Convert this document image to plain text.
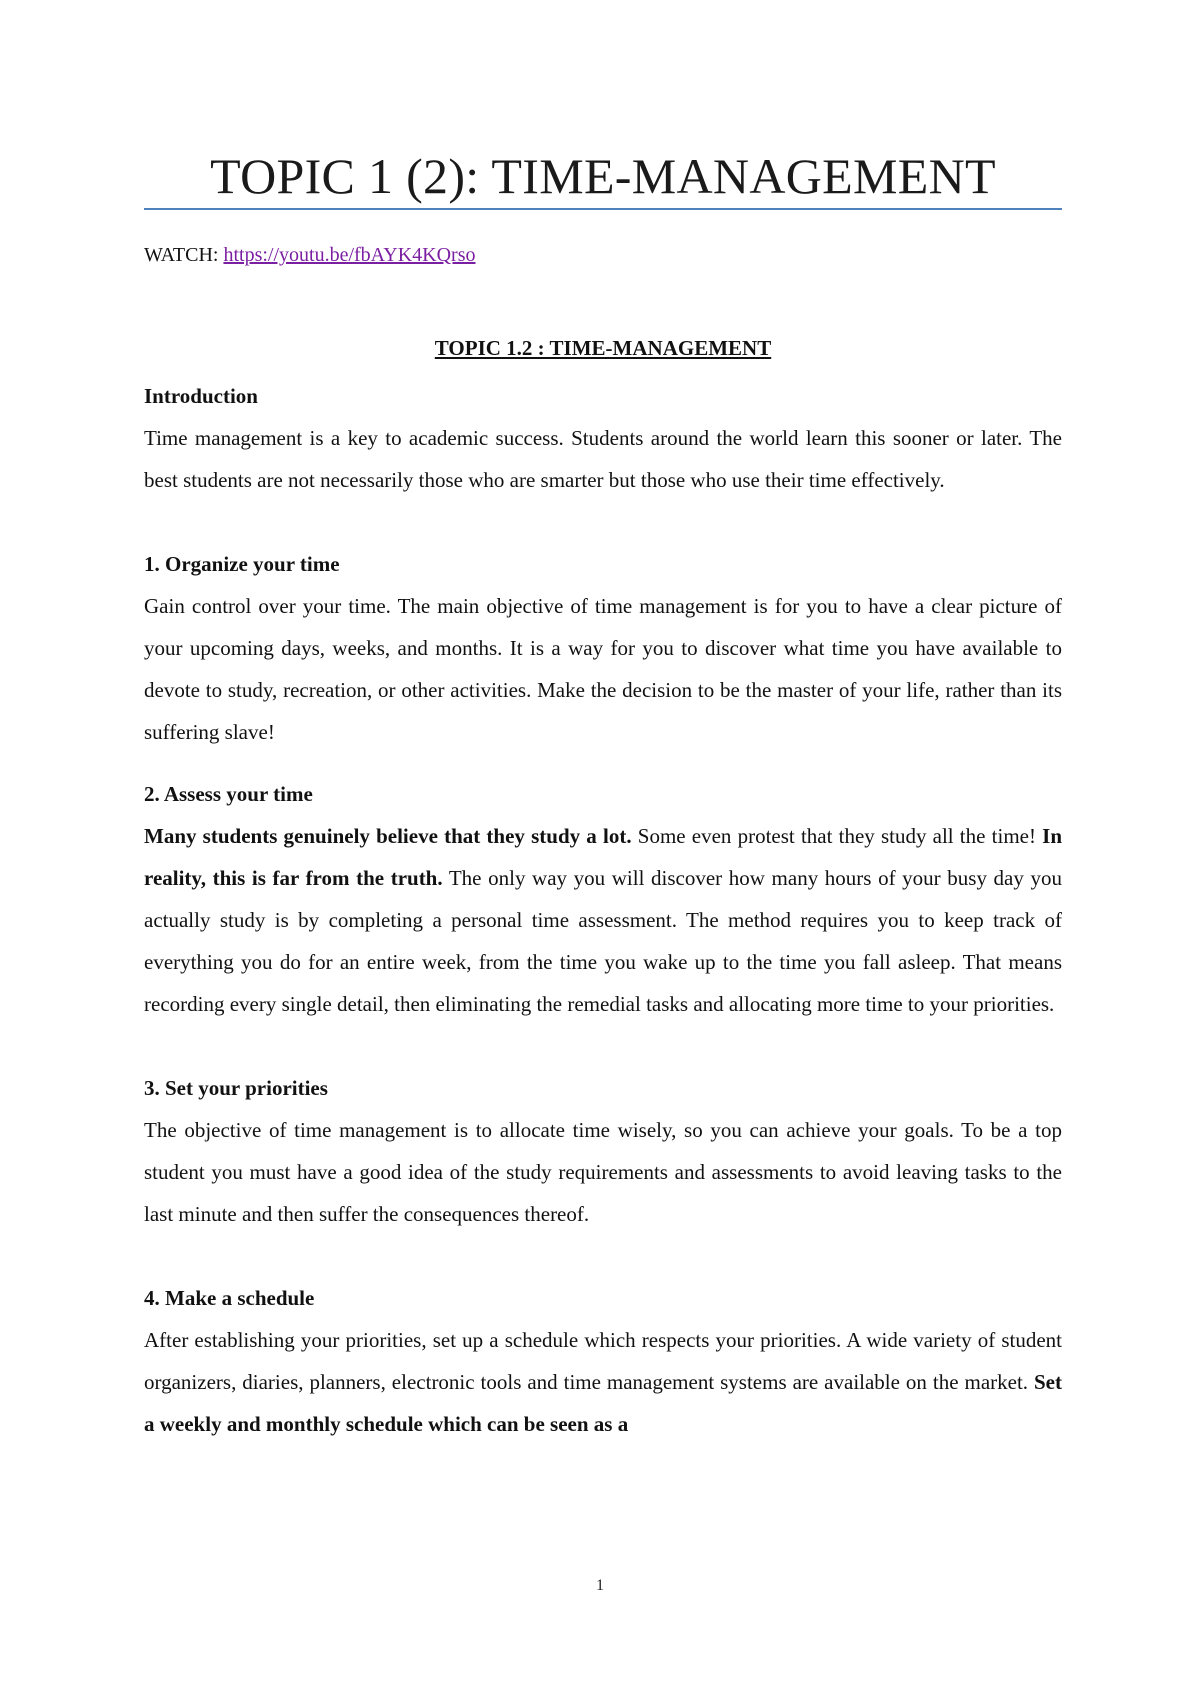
TOPIC 1 (2): TIME-MANAGEMENT
WATCH: https://youtu.be/fbAYK4KQrso
TOPIC 1.2 : TIME-MANAGEMENT

Introduction

Time management is a key to academic success. Students around the world learn this sooner or later. The best students are not necessarily those who are smarter but those who use their time effectively.

1. Organize your time

Gain control over your time. The main objective of time management is for you to have a clear picture of your upcoming days, weeks, and months. It is a way for you to discover what time you have available to devote to study, recreation, or other activities. Make the decision to be the master of your life, rather than its suffering slave!

2. Assess your time

Many students genuinely believe that they study a lot. Some even protest that they study all the time! In reality, this is far from the truth. The only way you will discover how many hours of your busy day you actually study is by completing a personal time assessment. The method requires you to keep track of everything you do for an entire week, from the time you wake up to the time you fall asleep. That means recording every single detail, then eliminating the remedial tasks and allocating more time to your priorities.

3. Set your priorities

The objective of time management is to allocate time wisely, so you can achieve your goals. To be a top student you must have a good idea of the study requirements and assessments to avoid leaving tasks to the last minute and then suffer the consequences thereof.

4. Make a schedule

After establishing your priorities, set up a schedule which respects your priorities. A wide variety of student organizers, diaries, planners, electronic tools and time management systems are available on the market. Set a weekly and monthly schedule which can be seen as a

1
